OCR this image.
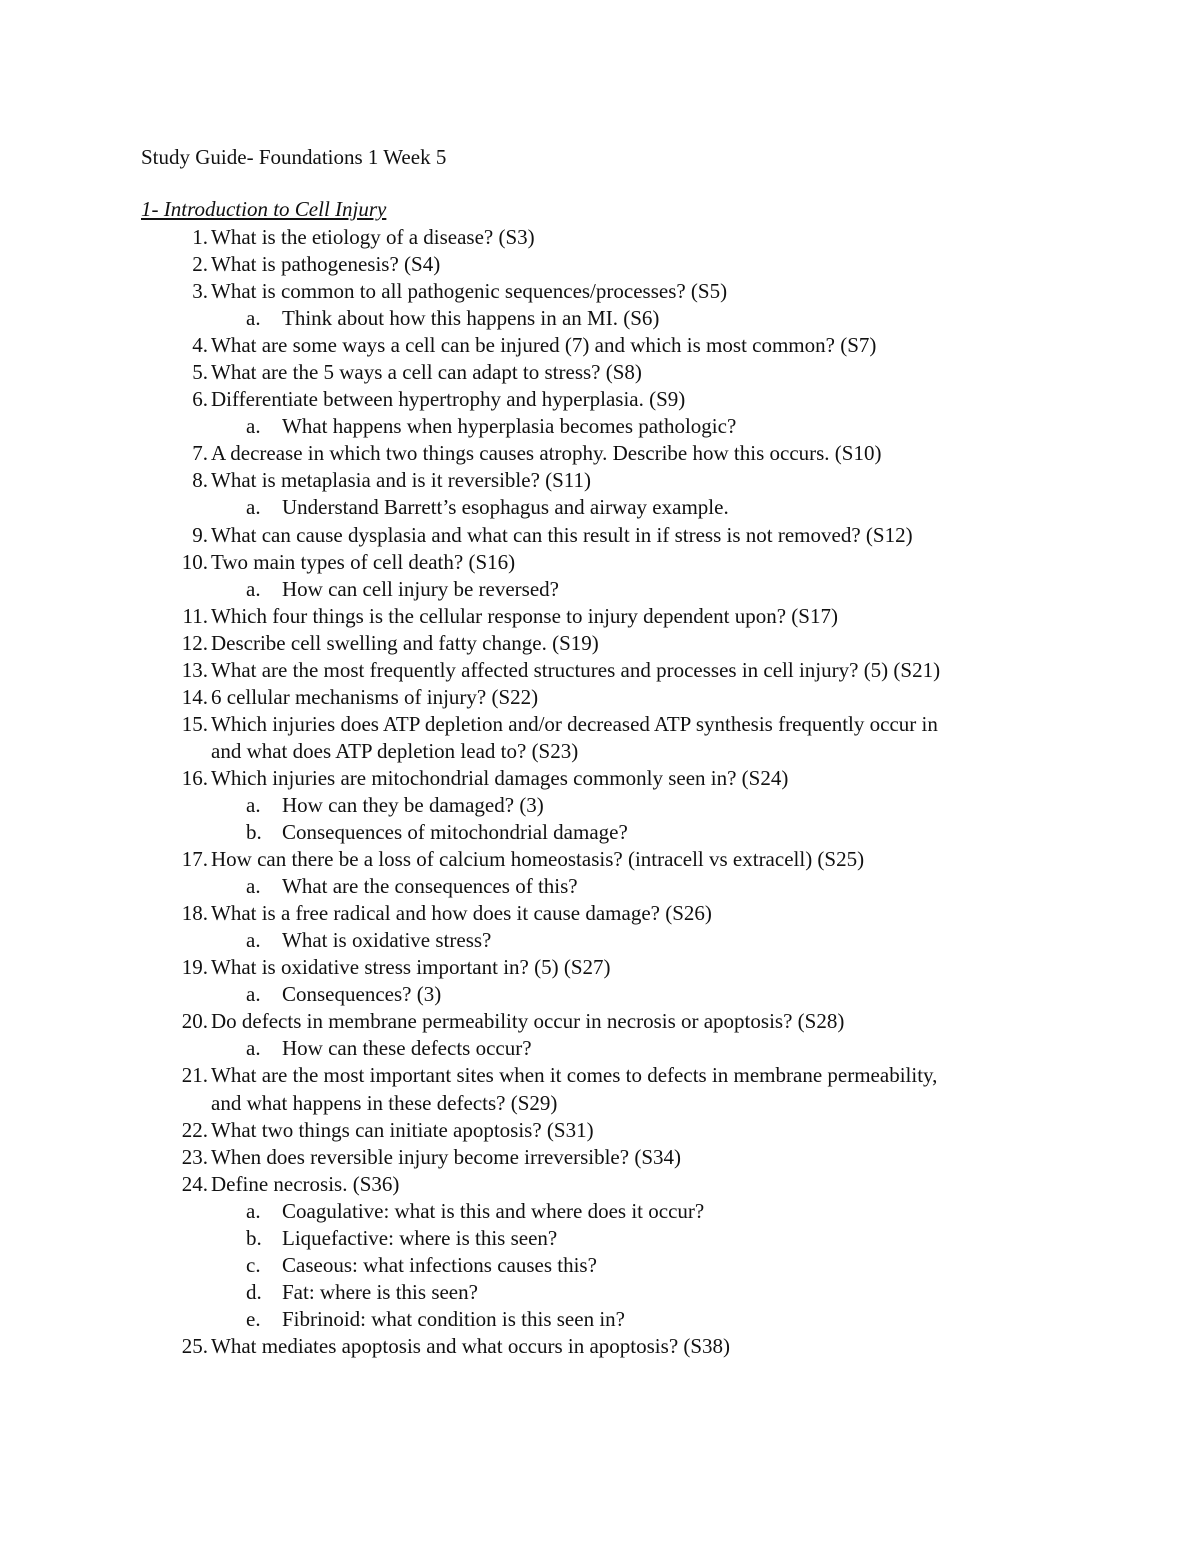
Study Guide- Foundations 1 Week 5
1- Introduction to Cell Injury
1. What is the etiology of a disease? (S3)
2. What is pathogenesis? (S4)
3. What is common to all pathogenic sequences/processes? (S5)
a. Think about how this happens in an MI. (S6)
4. What are some ways a cell can be injured (7) and which is most common? (S7)
5. What are the 5 ways a cell can adapt to stress? (S8)
6. Differentiate between hypertrophy and hyperplasia. (S9)
a. What happens when hyperplasia becomes pathologic?
7. A decrease in which two things causes atrophy. Describe how this occurs. (S10)
8. What is metaplasia and is it reversible? (S11)
a. Understand Barrett’s esophagus and airway example.
9. What can cause dysplasia and what can this result in if stress is not removed? (S12)
10. Two main types of cell death? (S16)
a. How can cell injury be reversed?
11. Which four things is the cellular response to injury dependent upon? (S17)
12. Describe cell swelling and fatty change. (S19)
13. What are the most frequently affected structures and processes in cell injury? (5) (S21)
14. 6 cellular mechanisms of injury? (S22)
15. Which injuries does ATP depletion and/or decreased ATP synthesis frequently occur in
and what does ATP depletion lead to? (S23)
16. Which injuries are mitochondrial damages commonly seen in? (S24)
a. How can they be damaged? (3)
b. Consequences of mitochondrial damage?
17. How can there be a loss of calcium homeostasis? (intracell vs extracell) (S25)
a. What are the consequences of this?
18. What is a free radical and how does it cause damage? (S26)
a. What is oxidative stress?
19. What is oxidative stress important in? (5) (S27)
a. Consequences? (3)
20. Do defects in membrane permeability occur in necrosis or apoptosis? (S28)
a. How can these defects occur?
21. What are the most important sites when it comes to defects in membrane permeability,
and what happens in these defects? (S29)
22. What two things can initiate apoptosis? (S31)
23. When does reversible injury become irreversible? (S34)
24. Define necrosis. (S36)
a. Coagulative: what is this and where does it occur?
b. Liquefactive: where is this seen?
c. Caseous: what infections causes this?
d. Fat: where is this seen?
e. Fibrinoid: what condition is this seen in?
25. What mediates apoptosis and what occurs in apoptosis? (S38)
